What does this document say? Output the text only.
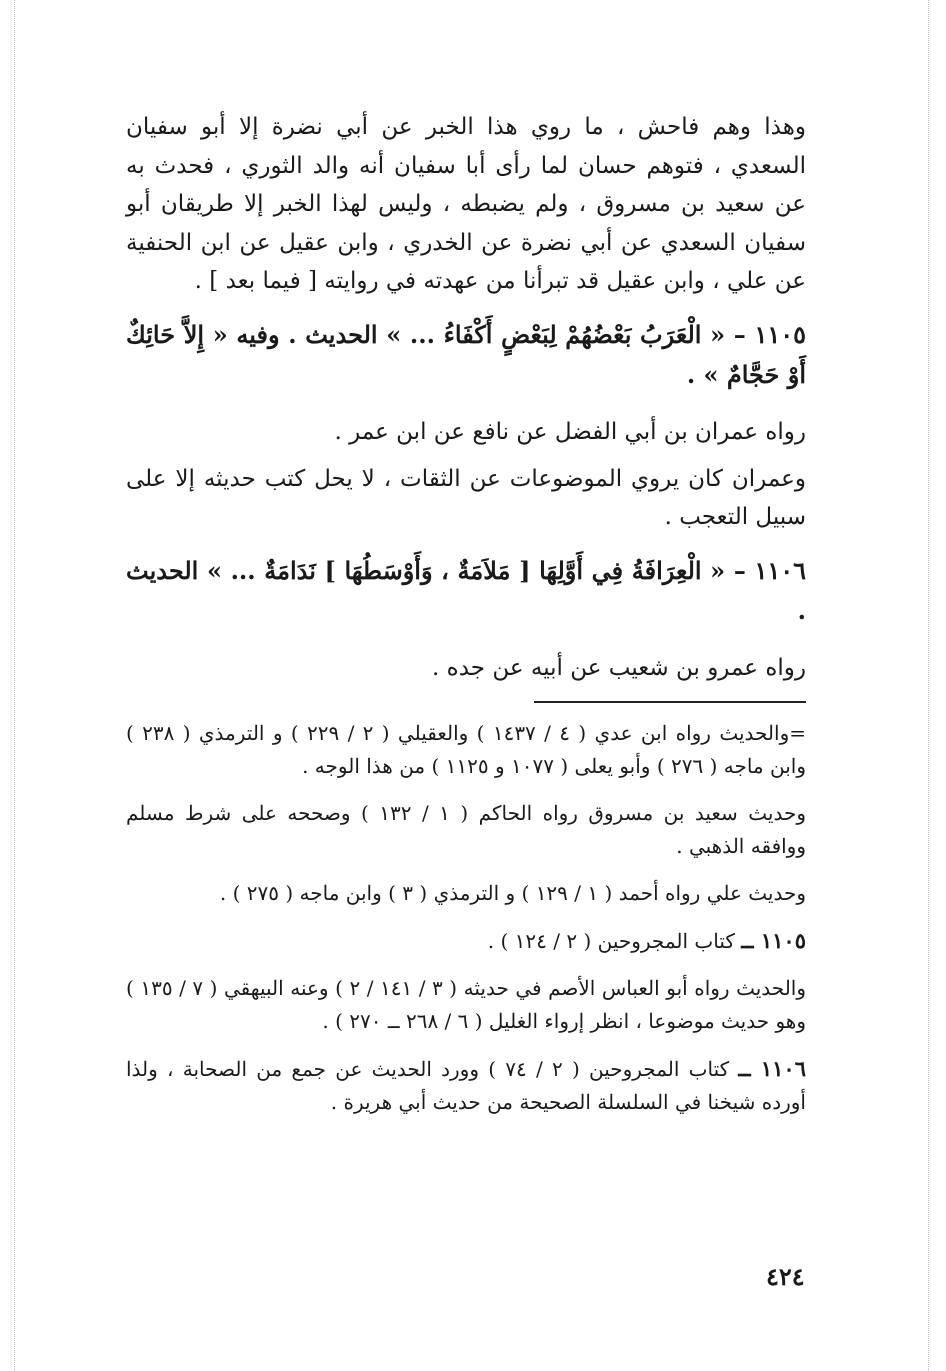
وهذا وهم فاحش ، ما روي هذا الخبر عن أبي نضرة إلا أبو سفيان السعدي ، فتوهم حسان لما رأى أبا سفيان أنه والد الثوري ، فحدث به عن سعيد بن مسروق ، ولم يضبطه ، وليس لهذا الخبر إلا طريقان أبو سفيان السعدي عن أبي نضرة عن الخدري ، وابن عقيل عن ابن الحنفية عن علي ، وابن عقيل قد تبرأنا من عهدته في روايته [ فيما بعد ] .

١١٠٥ – « الْعَرَبُ بَعْضُهُمْ لِبَعْضٍ أَكْفَاءُ ... » الحديث . وفيه « إِلاَّ حَائِكٌ أَوْ حَجَّامٌ » .

رواه عمران بن أبي الفضل عن نافع عن ابن عمر .

وعمران كان يروي الموضوعات عن الثقات ، لا يحل كتب حديثه إلا على سبيل التعجب .

١١٠٦ – « الْعِرَافَةُ فِي أَوَّلِهَا [ مَلاَمَةٌ ، وَأَوْسَطُهَا ] نَدَامَةٌ ... » الحديث .

رواه عمرو بن شعيب عن أبيه عن جده .

=والحديث رواه ابن عدي ( ٤ / ١٤٣٧ ) والعقيلي ( ٢ / ٢٢٩ ) و الترمذي ( ٢٣٨ ) وابن ماجه ( ٢٧٦ ) وأبو يعلى ( ١٠٧٧ و ١١٢٥ ) من هذا الوجه .

وحديث سعيد بن مسروق رواه الحاكم ( ١ / ١٣٢ ) وصححه على شرط مسلم ووافقه الذهبي .

وحديث علي رواه أحمد ( ١ / ١٢٩ ) و الترمذي ( ٣ ) وابن ماجه ( ٢٧٥ ) .

١١٠٥ ــ كتاب المجروحين ( ٢ / ١٢٤ ) .

والحديث رواه أبو العباس الأصم في حديثه ( ٣ / ١٤١ / ٢ ) وعنه البيهقي ( ٧ / ١٣٥ ) وهو حديث موضوعا ، انظر إرواء الغليل ( ٦ / ٢٦٨ ــ ٢٧٠ ) .

١١٠٦ ــ كتاب المجروحين ( ٢ / ٧٤ ) وورد الحديث عن جمع من الصحابة ، ولذا أورده شيخنا في السلسلة الصحيحة من حديث أبي هريرة .

٤٢٤
